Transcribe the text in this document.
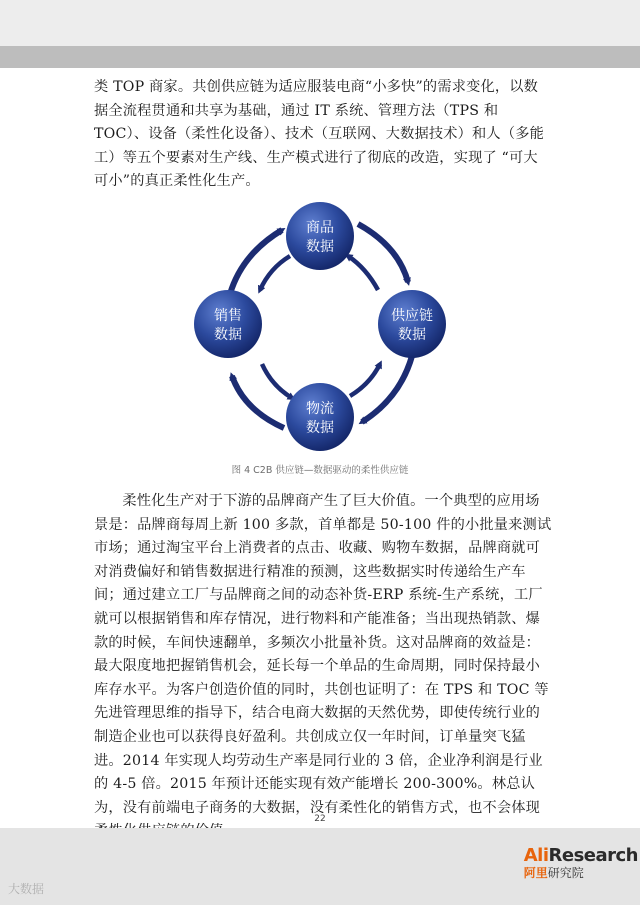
类 TOP 商家。共创供应链为适应服装电商“小多快”的需求变化，以数据全流程贯通和共享为基础，通过 IT 系统、管理方法（TPS 和 TOC）、设备（柔性化设备）、技术（互联网、大数据技术）和人（多能工）等五个要素对生产线、生产模式进行了彻底的改造，实现了 “可大可小”的真正柔性化生产。

商品
数据
供应链
数据
物流
数据
销售
数据
图 4 C2B 供应链—数据驱动的柔性供应链

柔性化生产对于下游的品牌商产生了巨大价值。一个典型的应用场景是：品牌商每周上新 100 多款，首单都是 50-100 件的小批量来测试市场；通过淘宝平台上消费者的点击、收藏、购物车数据，品牌商就可对消费偏好和销售数据进行精准的预测，这些数据实时传递给生产车间；通过建立工厂与品牌商之间的动态补货-ERP 系统-生产系统，工厂就可以根据销售和库存情况，进行物料和产能准备；当出现热销款、爆款的时候，车间快速翻单，多频次小批量补货。这对品牌商的效益是：最大限度地把握销售机会，延长每一个单品的生命周期，同时保持最小库存水平。为客户创造价值的同时，共创也证明了：在 TPS 和 TOC 等先进管理思维的指导下，结合电商大数据的天然优势，即使传统行业的制造企业也可以获得良好盈利。共创成立仅一年时间，订单量突飞猛进。2014 年实现人均劳动生产率是同行业的 3 倍，企业净利润是行业的 4-5 倍。2015 年预计还能实现有效产能增长 200-300%。林总认为，没有前端电子商务的大数据，没有柔性化的销售方式，也不会体现

22
AliResearch
阿里研究院
大数据
